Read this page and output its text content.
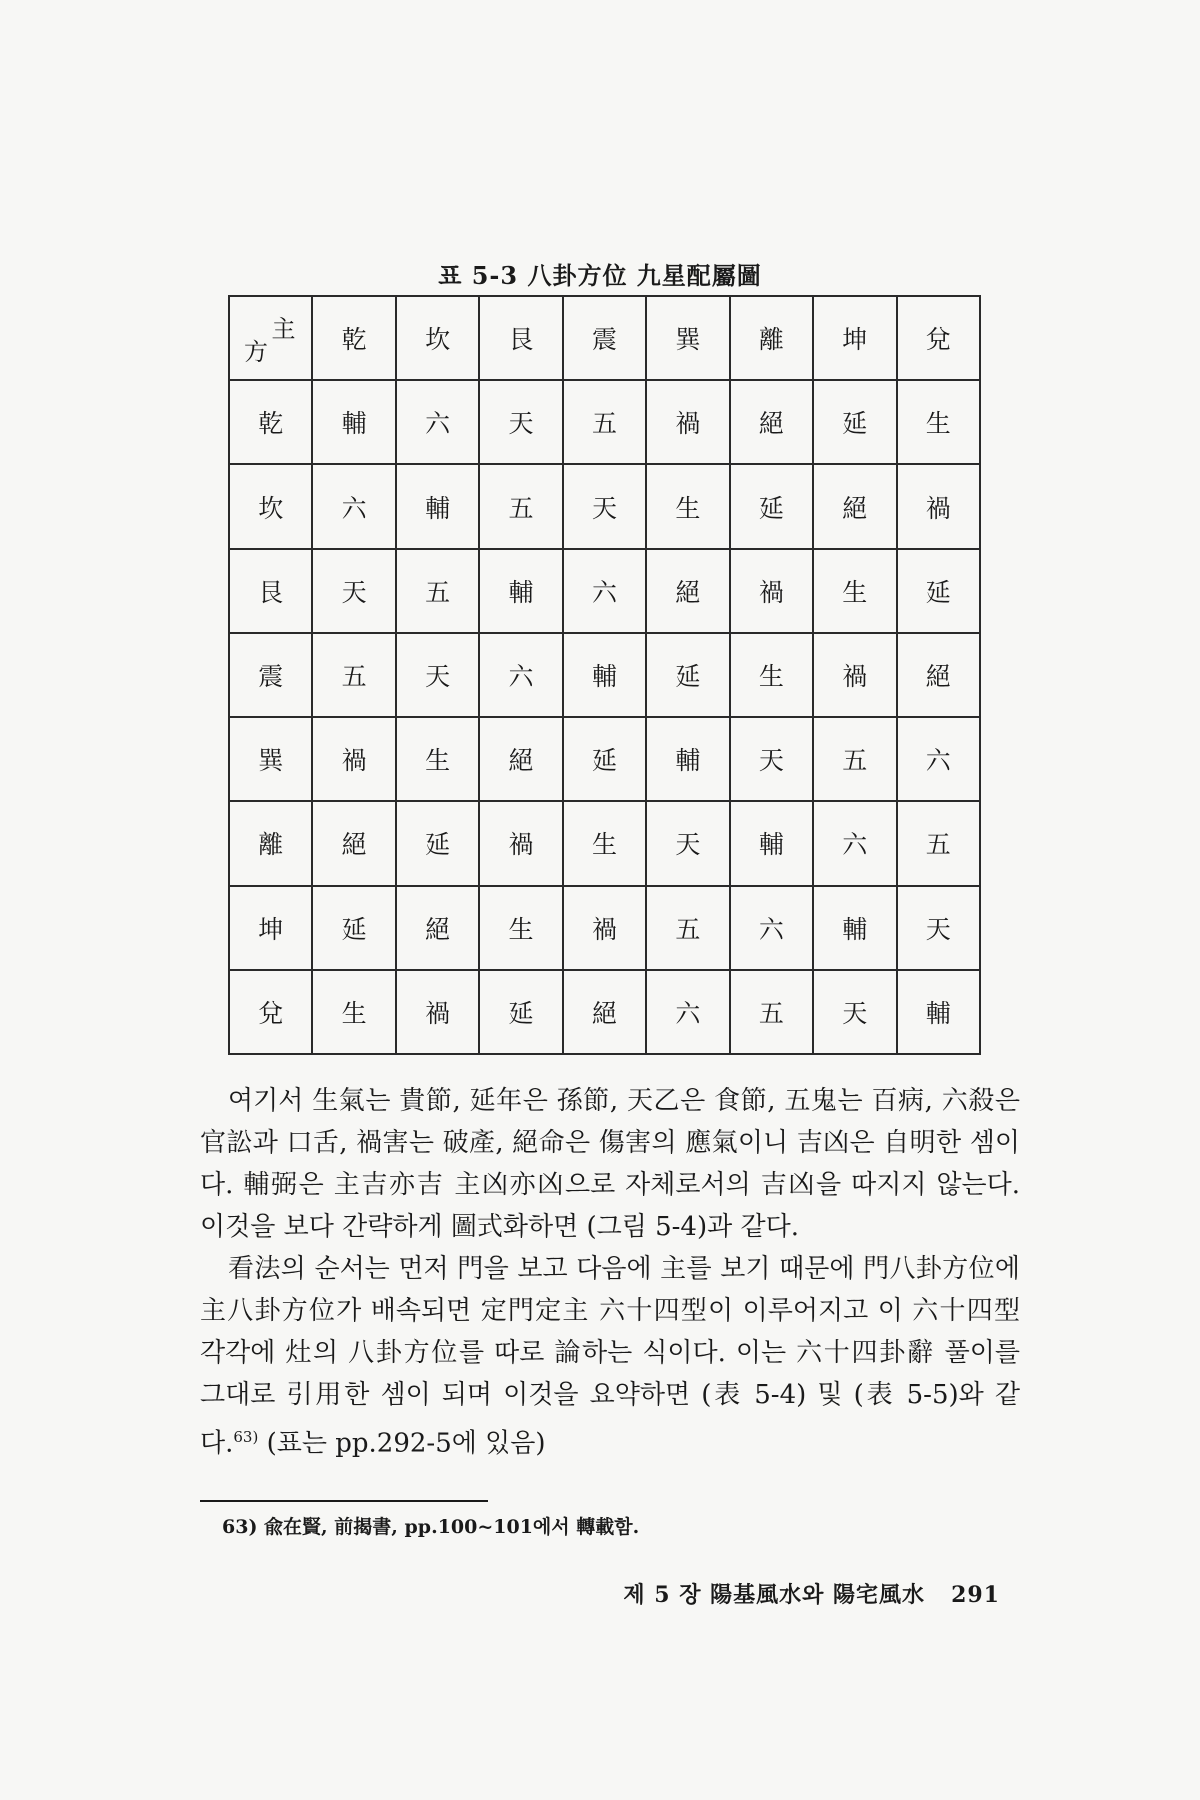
표 5-3 八卦方位 九星配屬圖
主
方	乾	坎	艮	震	巽	離	坤	兌
乾	輔	六	天	五	禍	絕	延	生
坎	六	輔	五	天	生	延	絕	禍
艮	天	五	輔	六	絕	禍	生	延
震	五	天	六	輔	延	生	禍	絕
巽	禍	生	絕	延	輔	天	五	六
離	絕	延	禍	生	天	輔	六	五
坤	延	絕	生	禍	五	六	輔	天
兌	生	禍	延	絕	六	五	天	輔

여기서 生氣는 貴節, 延年은 孫節, 天乙은 食節, 五鬼는 百病, 六殺은 官訟과 口舌, 禍害는 破產, 絕命은 傷害의 應氣이니 吉凶은 自明한 셈이다. 輔弼은 主吉亦吉 主凶亦凶으로 자체로서의 吉凶을 따지지 않는다. 이것을 보다 간략하게 圖式화하면 (그림 5-4)과 같다.

看法의 순서는 먼저 門을 보고 다음에 主를 보기 때문에 門八卦方位에 主八卦方位가 배속되면 定門定主 六十四型이 이루어지고 이 六十四型 각각에 灶의 八卦方位를 따로 論하는 식이다. 이는 六十四卦辭 풀이를 그대로 引用한 셈이 되며 이것을 요약하면 (表 5-4) 및 (表 5-5)와 같다.$^{63)}$ (표는 pp.292-5에 있음)

63) 兪在賢, 前揭書, pp.100~101에서 轉載함.
제 5 장 陽基風水와 陽宅風水 291
